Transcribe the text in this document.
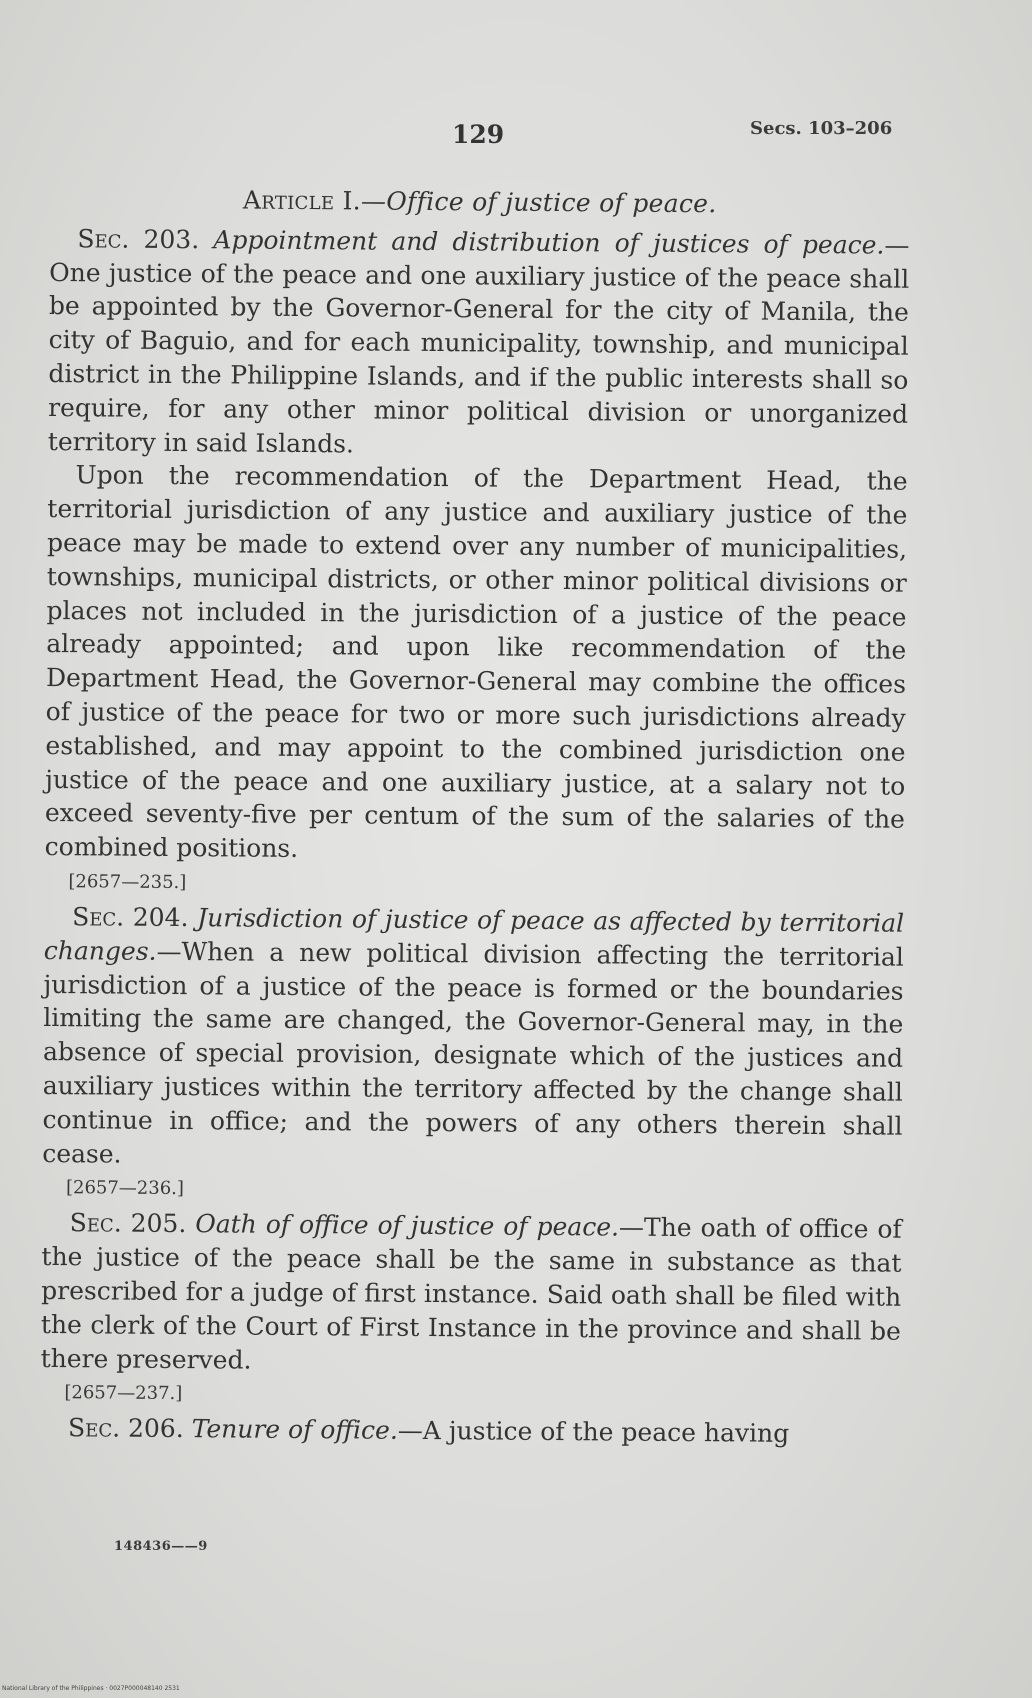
129	Secs. 103–206
Article I.—Office of justice of peace.

Sec. 203. Appointment and distribution of justices of peace.—One justice of the peace and one auxiliary justice of the peace shall be appointed by the Governor-General for the city of Manila, the city of Baguio, and for each municipality, township, and municipal district in the Philippine Islands, and if the public interests shall so require, for any other minor political division or unorganized territory in said Islands.

Upon the recommendation of the Department Head, the territorial jurisdiction of any justice and auxiliary justice of the peace may be made to extend over any number of municipalities, townships, municipal districts, or other minor political divisions or places not included in the jurisdiction of a justice of the peace already appointed; and upon like recommendation of the Department Head, the Governor-General may combine the offices of justice of the peace for two or more such jurisdictions already established, and may appoint to the combined jurisdiction one justice of the peace and one auxiliary justice, at a salary not to exceed seventy-five per centum of the sum of the salaries of the combined positions.

[2657—235.]

Sec. 204. Jurisdiction of justice of peace as affected by territorial changes.—When a new political division affecting the territorial jurisdiction of a justice of the peace is formed or the boundaries limiting the same are changed, the Governor-General may, in the absence of special provision, designate which of the justices and auxiliary justices within the territory affected by the change shall continue in office; and the powers of any others therein shall cease.

[2657—236.]

Sec. 205. Oath of office of justice of peace.—The oath of office of the justice of the peace shall be the same in substance as that prescribed for a judge of first instance. Said oath shall be filed with the clerk of the Court of First Instance in the province and shall be there preserved.

[2657—237.]

Sec. 206. Tenure of office.—A justice of the peace having

148436——9
National Library of the Philippines · 0027P000048140 2531
